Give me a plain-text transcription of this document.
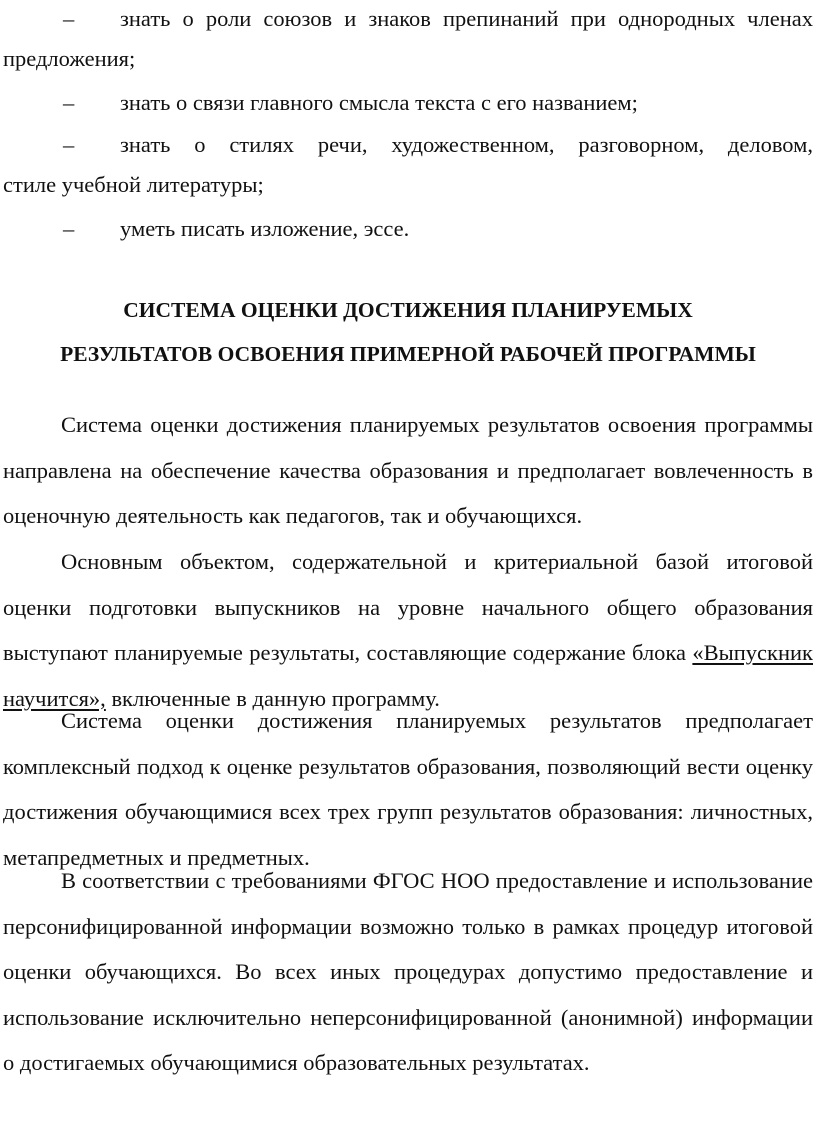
–	знать о роли союзов и знаков препинаний при однородных членах
предложения;
–	знать о связи главного смысла текста с его названием;
–	знать о стилях речи, художественном, разговорном, деловом,
стиле учебной литературы;
–	уметь писать изложение, эссе.
СИСТЕМА ОЦЕНКИ ДОСТИЖЕНИЯ ПЛАНИРУЕМЫХ
РЕЗУЛЬТАТОВ ОСВОЕНИЯ ПРИМЕРНОЙ РАБОЧЕЙ ПРОГРАММЫ
Система оценки достижения планируемых результатов освоения программы направлена на обеспечение качества образования и предполагает вовлеченность в оценочную деятельность как педагогов, так и обучающихся.
Основным объектом, содержательной и критериальной базой итоговой оценки подготовки выпускников на уровне начального общего образования выступают планируемые результаты, составляющие содержание блока «Выпускник научится», включенные в данную программу.
Система оценки достижения планируемых результатов предполагает комплексный подход к оценке результатов образования, позволяющий вести оценку достижения обучающимися всех трех групп результатов образования: личностных, метапредметных и предметных.
В соответствии с требованиями ФГОС НОО предоставление и использование персонифицированной информации возможно только в рамках процедур итоговой оценки обучающихся. Во всех иных процедурах допустимо предоставление и использование исключительно неперсонифицированной (анонимной) информации о достигаемых обучающимися образовательных результатах.
